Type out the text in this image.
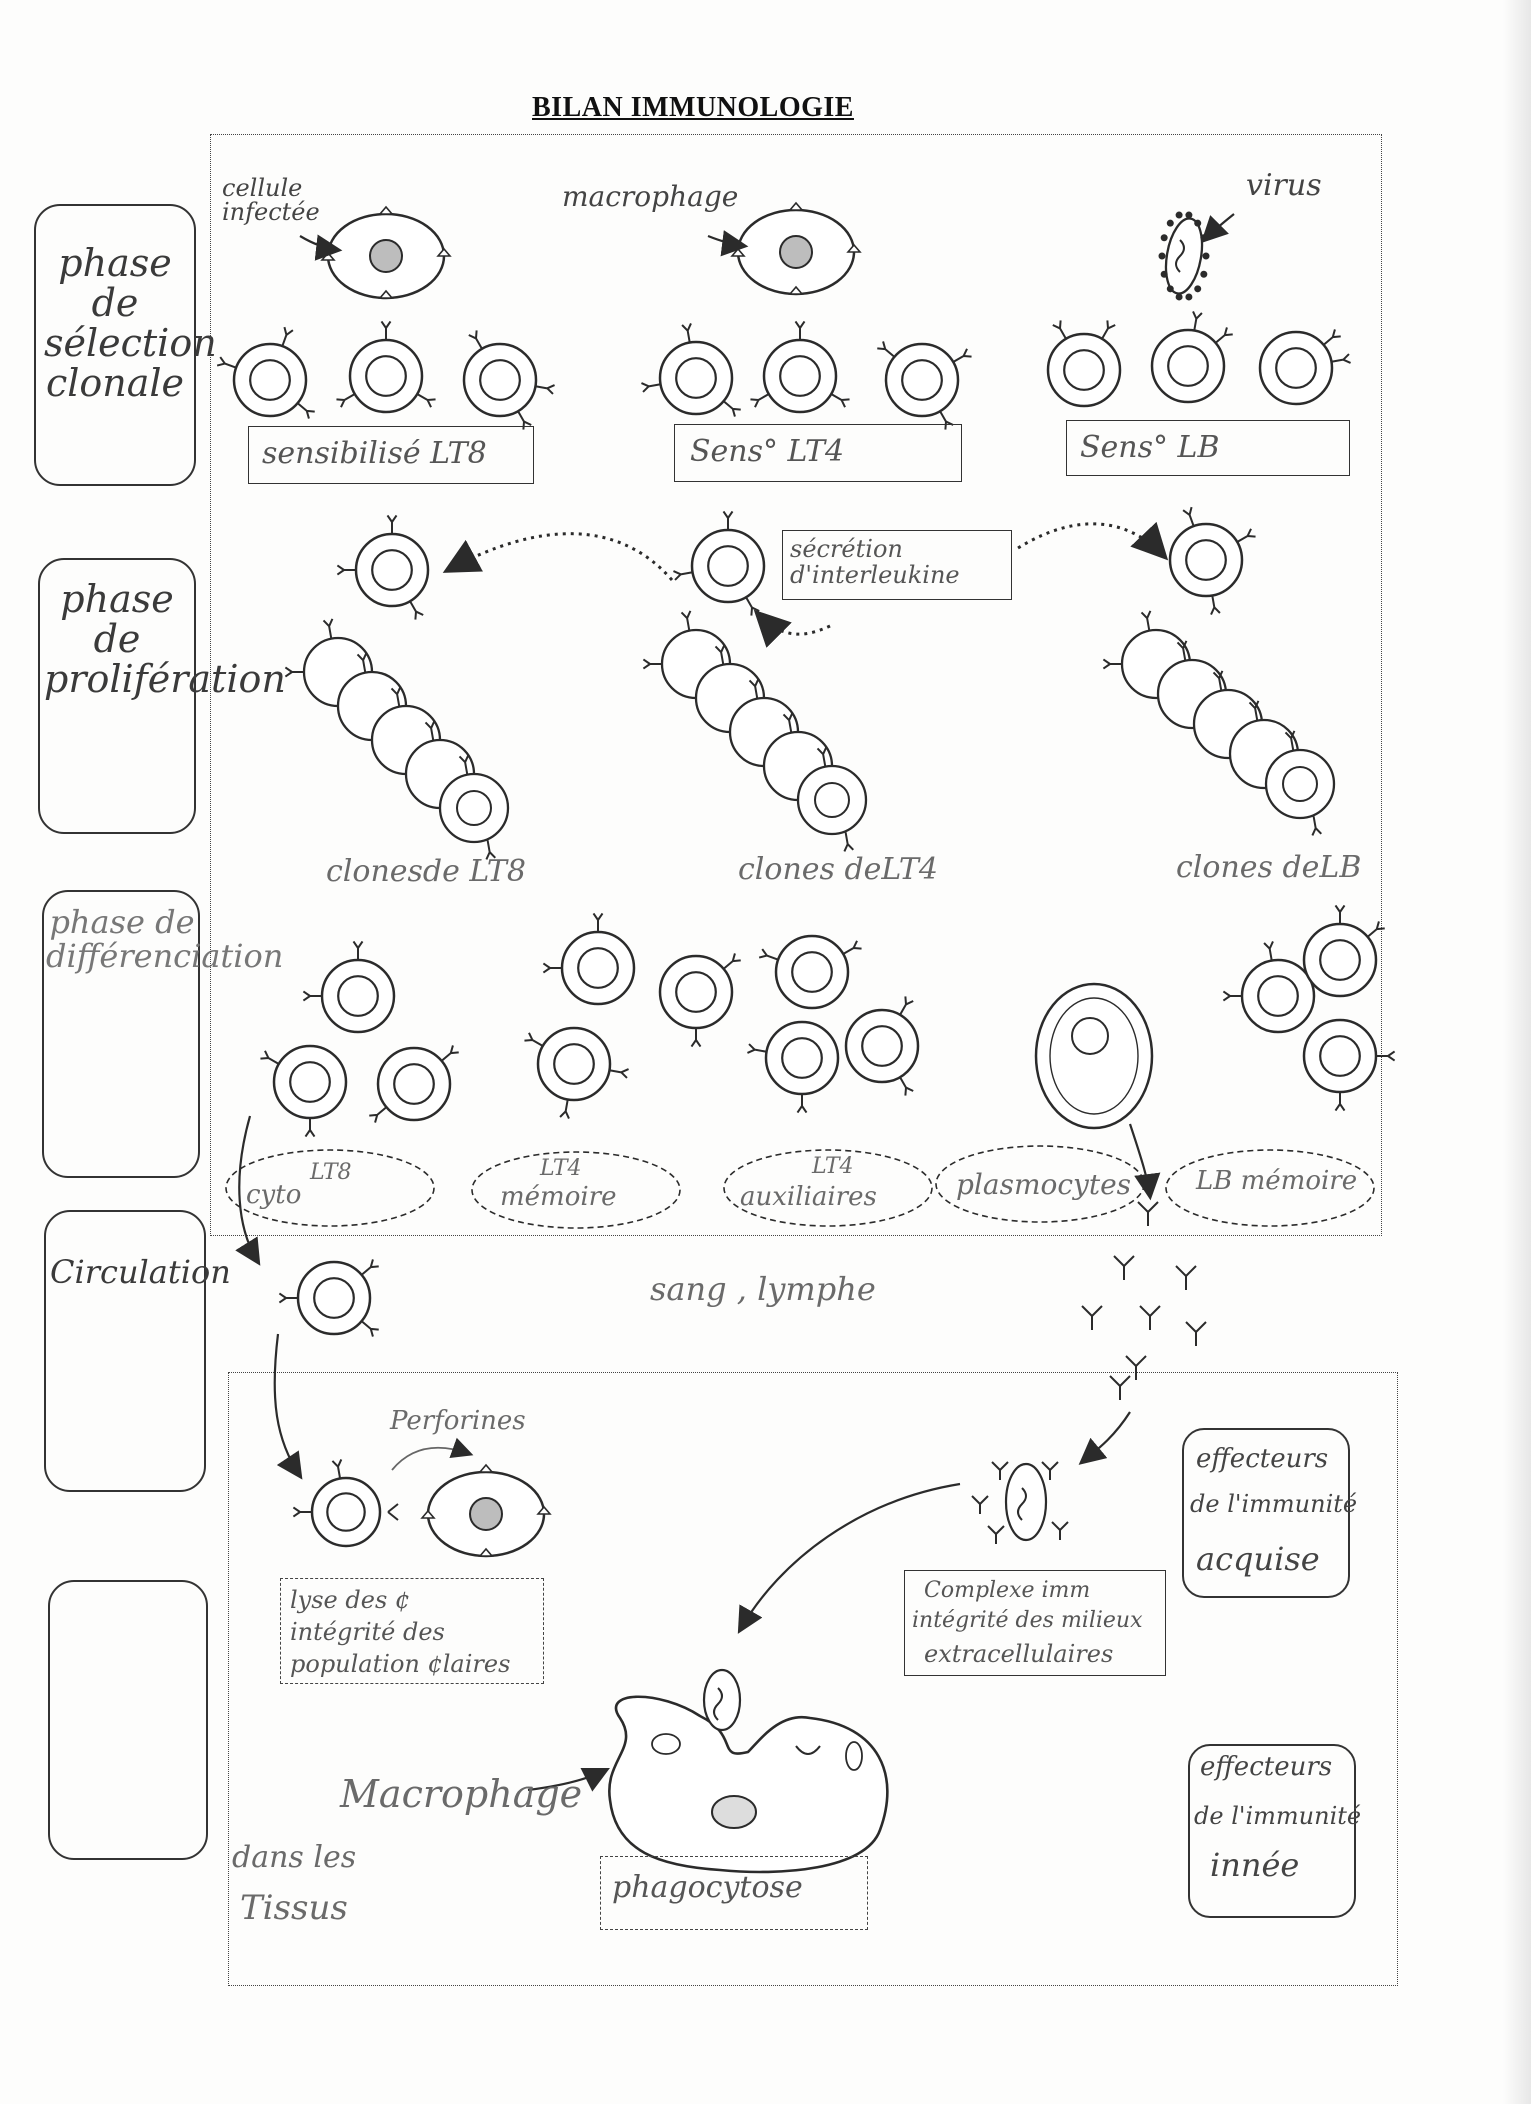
BILAN IMMUNOLOGIE
phase de sélection clonale
phase de prolifération
phase de différenciation
Circulation
cellule infectée	macrophage	virus
sensibilisé LT8	Sens° LT4	Sens° LB
sécrétion d'interleukine
clonesde LT8	clones deLT4	clones deLB
LT8
cyto
LT4
mémoire
LT4
auxiliaires	plasmocytes LB mémoire
sang , lymphe
Perforines
lyse des ¢
intégrité des
population ¢laires
Complexe imm
intégrité des milieux
extracellulaires
Macrophage
phagocytose
dans les
Tissus
effecteurs
de l'immunité
acquise
effecteurs
de l'immunité
innée
